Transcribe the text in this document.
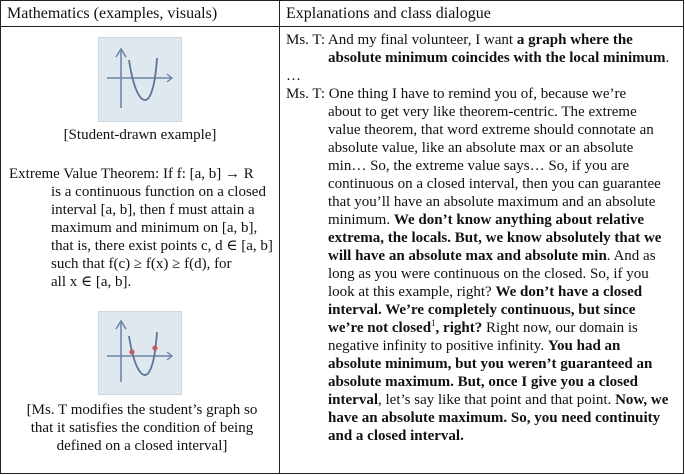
Mathematics (examples, visuals)	Explanations and class dialogue
[Student-drawn example]
Extreme Value Theorem: If f: [a, b] → R
is a continuous function on a closed
interval [a, b], then f must attain a
maximum and minimum on [a, b],
that is, there exist points c, d ∈ [a, b]
such that f(c) ≥ f(x) ≥ f(d), for
all x ∈ [a, b].
[Ms. T modifies the student’s graph so
that it satisfies the condition of being
defined on a closed interval]
Ms. T: And my final volunteer, I want a graph where the
absolute minimum coincides with the local minimum.
…
Ms. T: One thing I have to remind you of, because we’re
about to get very like theorem-centric. The extreme
value theorem, that word extreme should connotate an
absolute value, like an absolute max or an absolute
min… So, the extreme value says… So, if you are
continuous on a closed interval, then you can guarantee
that you’ll have an absolute maximum and an absolute
minimum. We don’t know anything about relative
extrema, the locals. But, we know absolutely that we
will have an absolute max and absolute min. And as
long as you were continuous on the closed. So, if you
look at this example, right? We don’t have a closed
interval. We’re completely continuous, but since
we’re not closed$^1$, right? Right now, our domain is
negative infinity to positive infinity. You had an
absolute minimum, but you weren’t guaranteed an
absolute maximum. But, once I give you a closed
interval, let’s say like that point and that point. Now, we
have an absolute maximum. So, you need continuity
and a closed interval.
